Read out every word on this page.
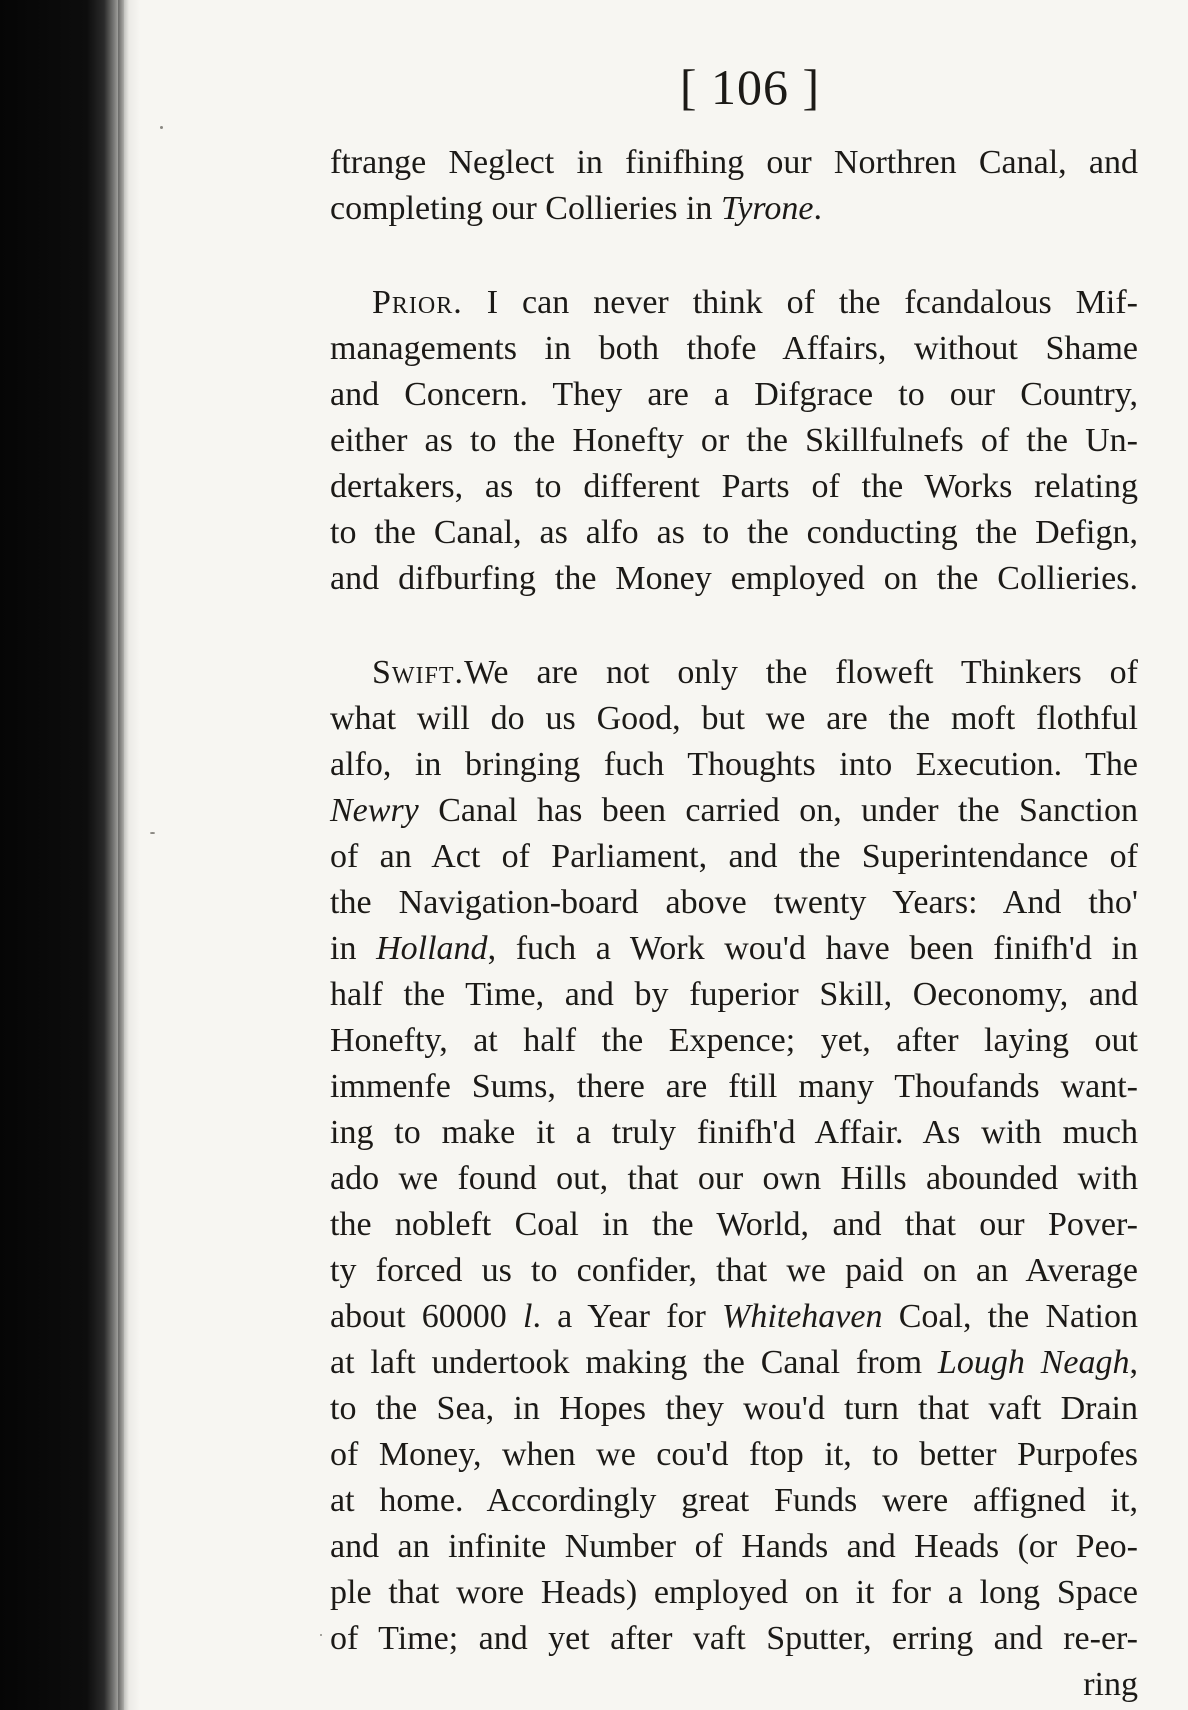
[ 106 ]
ftrange Neglect in finifhing our Northren Canal, and
completing our Collieries in Tyrone.
Prior. I can never think of the fcandalous Mif-
managements in both thofe Affairs, without Shame
and Concern. They are a Difgrace to our Country,
either as to the Honefty or the Skillfulnefs of the Un-
dertakers, as to different Parts of the Works relating
to the Canal, as alfo as to the conducting the Defign,
and difburfing the Money employed on the Collieries.
Swift.We are not only the floweft Thinkers of
what will do us Good, but we are the moft flothful
alfo, in bringing fuch Thoughts into Execution. The
Newry Canal has been carried on, under the Sanction
of an Act of Parliament, and the Superintendance of
the Navigation-board above twenty Years: And tho'
in Holland, fuch a Work wou'd have been finifh'd in
half the Time, and by fuperior Skill, Oeconomy, and
Honefty, at half the Expence; yet, after laying out
immenfe Sums, there are ftill many Thoufands want-
ing to make it a truly finifh'd Affair. As with much
ado we found out, that our own Hills abounded with
the nobleft Coal in the World, and that our Pover-
ty forced us to confider, that we paid on an Average
about 60000 l. a Year for Whitehaven Coal, the Nation
at laft undertook making the Canal from Lough Neagh,
to the Sea, in Hopes they wou'd turn that vaft Drain
of Money, when we cou'd ftop it, to better Purpofes
at home. Accordingly great Funds were affigned it,
and an infinite Number of Hands and Heads (or Peo-
ple that wore Heads) employed on it for a long Space
of Time; and yet after vaft Sputter, erring and re-er-
ring
